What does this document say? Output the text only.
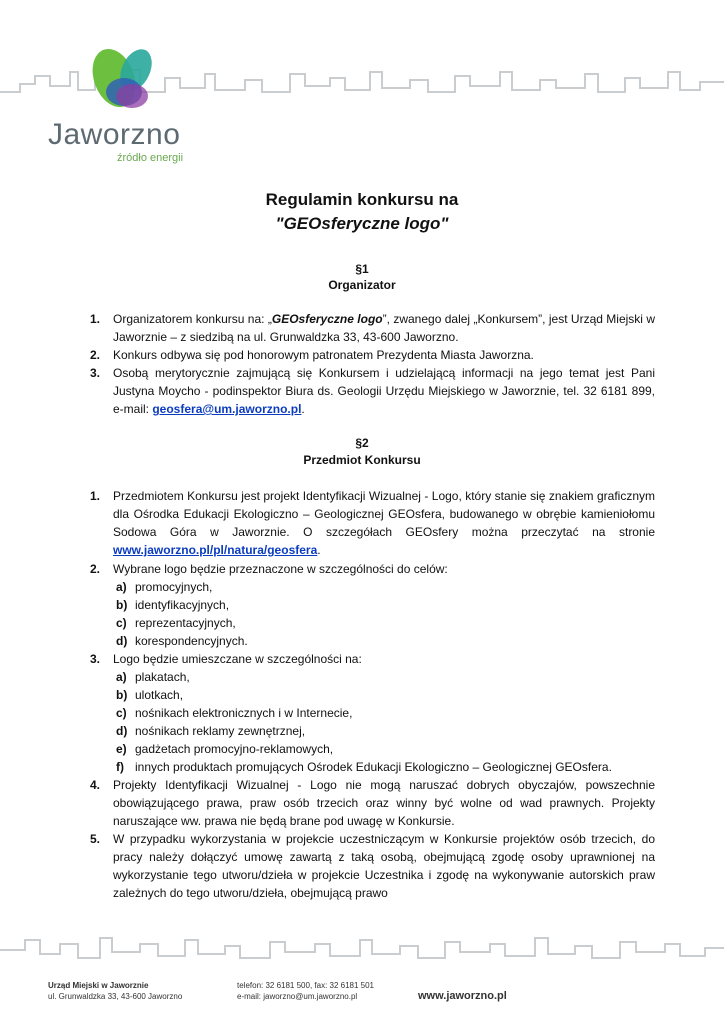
Jaworzno
źródło energii
Regulamin konkursu na
"GEOsferyczne logo"
§1
Organizator
1. Organizatorem konkursu na: „GEOsferyczne logo”, zwanego dalej „Konkursem”, jest Urząd Miejski w Jaworznie – z siedzibą na ul. Grunwaldzka 33, 43-600 Jaworzno.
2. Konkurs odbywa się pod honorowym patronatem Prezydenta Miasta Jaworzna.
3. Osobą merytorycznie zajmującą się Konkursem i udzielającą informacji na jego temat jest Pani Justyna Moycho - podinspektor Biura ds. Geologii Urzędu Miejskiego w Jaworznie, tel. 32 6181 899, e-mail: geosfera@um.jaworzno.pl.
§2
Przedmiot Konkursu
1. Przedmiotem Konkursu jest projekt Identyfikacji Wizualnej - Logo, który stanie się znakiem graficznym dla Ośrodka Edukacji Ekologiczno – Geologicznej GEOsfera, budowanego w obrębie kamieniołomu Sodowa Góra w Jaworznie. O szczegółach GEOsfery można przeczytać na stronie www.jaworzno.pl/pl/natura/geosfera.
2. Wybrane logo będzie przeznaczone w szczególności do celów:
a) promocyjnych,
b) identyfikacyjnych,
c) reprezentacyjnych,
d) korespondencyjnych.
3. Logo będzie umieszczane w szczególności na:
a) plakatach,
b) ulotkach,
c) nośnikach elektronicznych i w Internecie,
d) nośnikach reklamy zewnętrznej,
e) gadżetach promocyjno-reklamowych,
f) innych produktach promujących Ośrodek Edukacji Ekologiczno – Geologicznej GEOsfera.
4. Projekty Identyfikacji Wizualnej - Logo nie mogą naruszać dobrych obyczajów, powszechnie obowiązującego prawa, praw osób trzecich oraz winny być wolne od wad prawnych. Projekty naruszające ww. prawa nie będą brane pod uwagę w Konkursie.
5. W przypadku wykorzystania w projekcie uczestniczącym w Konkursie projektów osób trzecich, do pracy należy dołączyć umowę zawartą z taką osobą, obejmującą zgodę osoby uprawnionej na wykorzystanie tego utworu/dzieła w projekcie Uczestnika i zgodę na wykonywanie autorskich praw zależnych do tego utworu/dzieła, obejmującą prawo
Urząd Miejski w Jaworznie
ul. Grunwaldzka 33, 43-600 Jaworzno
telefon: 32 6181 500, fax: 32 6181 501
e-mail: jaworzno@um.jaworzno.pl	www.jaworzno.pl
